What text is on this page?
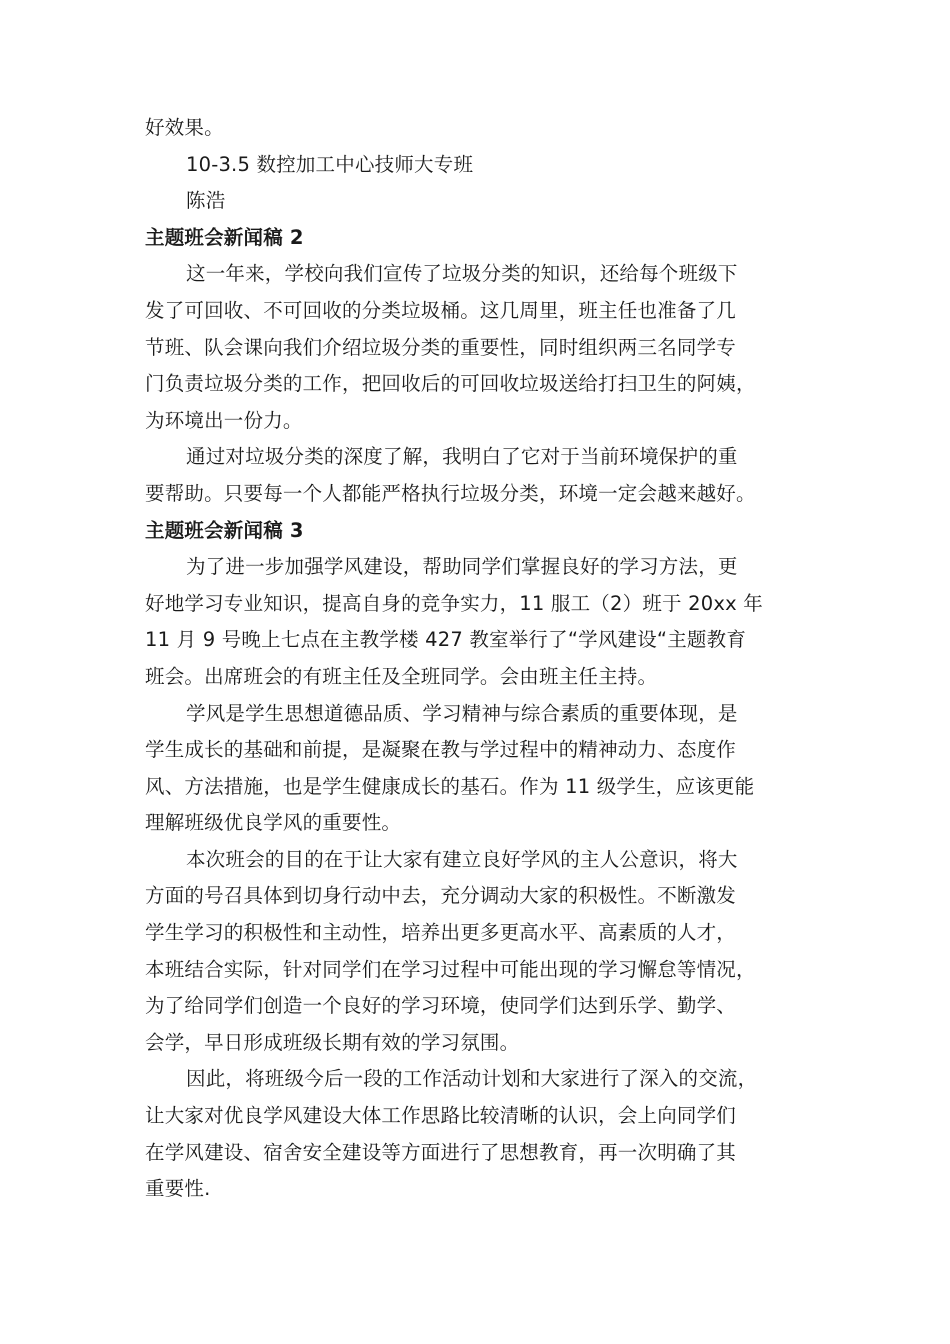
好效果。
10-3.5 数控加工中心技师大专班
陈浩
主题班会新闻稿 2
这一年来，学校向我们宣传了垃圾分类的知识，还给每个班级下
发了可回收、不可回收的分类垃圾桶。这几周里，班主任也准备了几
节班、队会课向我们介绍垃圾分类的重要性，同时组织两三名同学专
门负责垃圾分类的工作，把回收后的可回收垃圾送给打扫卫生的阿姨，
为环境出一份力。
通过对垃圾分类的深度了解，我明白了它对于当前环境保护的重
要帮助。只要每一个人都能严格执行垃圾分类，环境一定会越来越好。
主题班会新闻稿 3
为了进一步加强学风建设，帮助同学们掌握良好的学习方法，更
好地学习专业知识，提高自身的竞争实力，11 服工（2）班于 20xx 年
11 月 9 号晚上七点在主教学楼 427 教室举行了“学风建设“主题教育
班会。出席班会的有班主任及全班同学。会由班主任主持。
学风是学生思想道德品质、学习精神与综合素质的重要体现，是
学生成长的基础和前提，是凝聚在教与学过程中的精神动力、态度作
风、方法措施，也是学生健康成长的基石。作为 11 级学生，应该更能
理解班级优良学风的重要性。
本次班会的目的在于让大家有建立良好学风的主人公意识，将大
方面的号召具体到切身行动中去，充分调动大家的积极性。不断激发
学生学习的积极性和主动性，培养出更多更高水平、高素质的人才，
本班结合实际，针对同学们在学习过程中可能出现的学习懈怠等情况，
为了给同学们创造一个良好的学习环境，使同学们达到乐学、勤学、
会学，早日形成班级长期有效的学习氛围。
因此，将班级今后一段的工作活动计划和大家进行了深入的交流，
让大家对优良学风建设大体工作思路比较清晰的认识，会上向同学们
在学风建设、宿舍安全建设等方面进行了思想教育，再一次明确了其
重要性.
